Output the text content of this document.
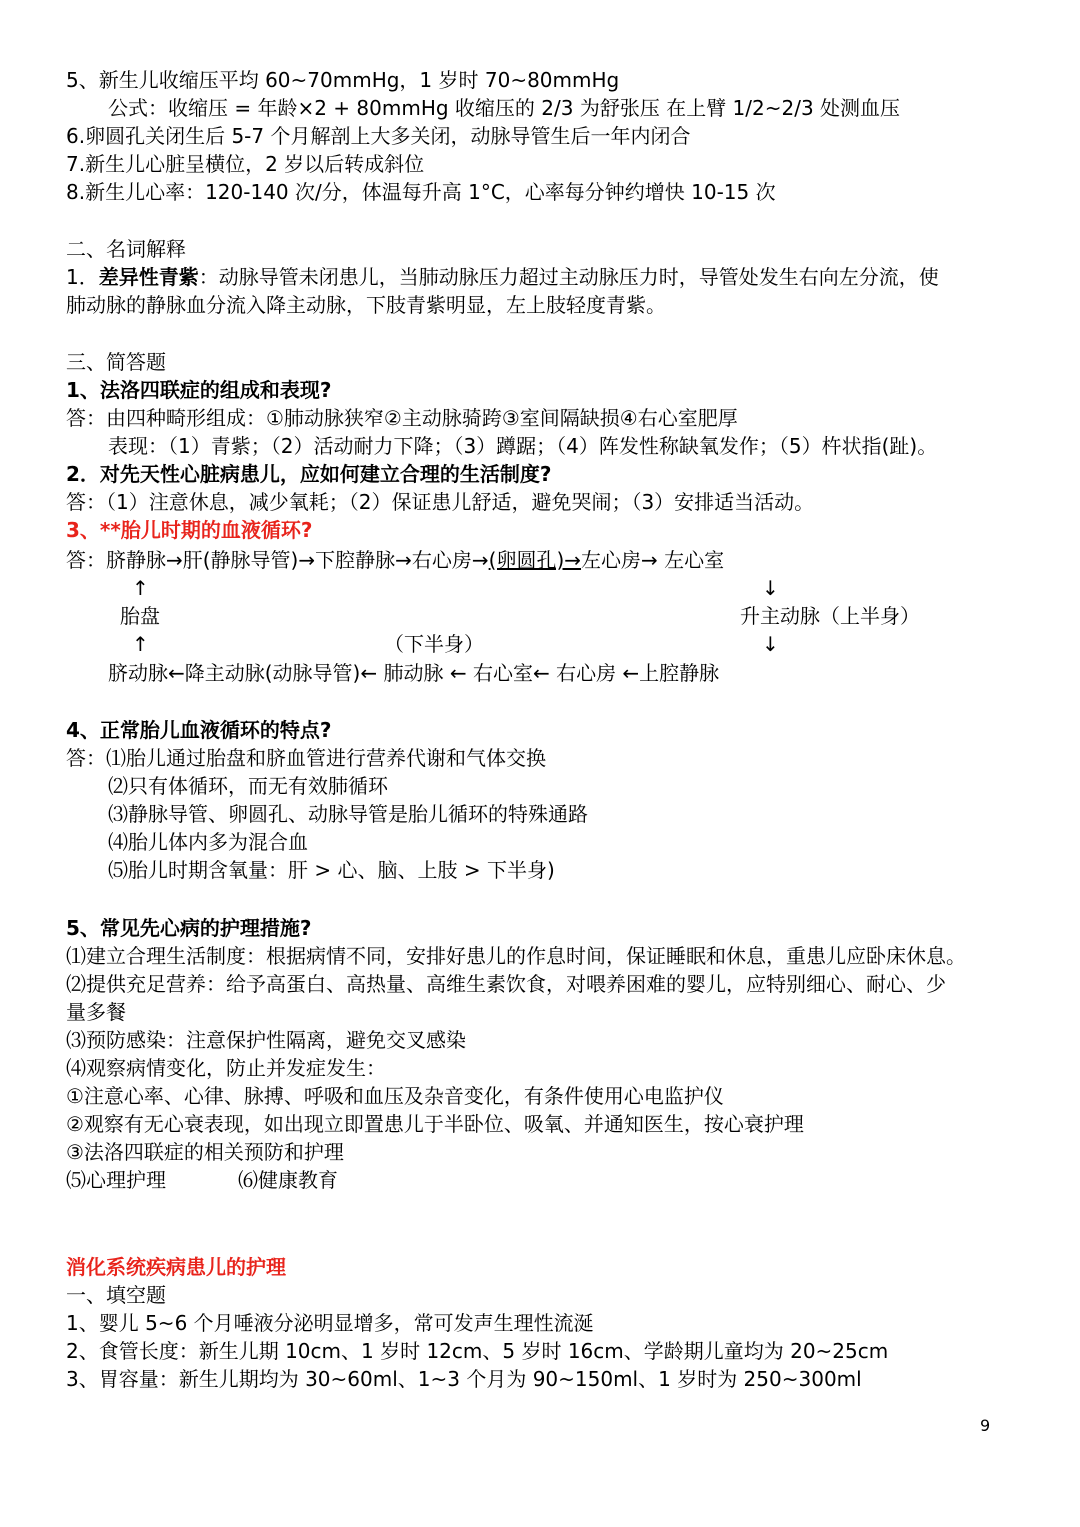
5、新生儿收缩压平均 60~70mmHg，1 岁时 70~80mmHg
公式：收缩压 = 年龄×2 + 80mmHg 收缩压的 2/3 为舒张压 在上臂 1/2~2/3 处测血压
6.卵圆孔关闭生后 5-7 个月解剖上大多关闭，动脉导管生后一年内闭合
7.新生儿心脏呈横位，2 岁以后转成斜位
8.新生儿心率：120-140 次/分，体温每升高 1°C，心率每分钟约增快 10-15 次
二、名词解释
1．差异性青紫：动脉导管未闭患儿，当肺动脉压力超过主动脉压力时，导管处发生右向左分流，使
肺动脉的静脉血分流入降主动脉，下肢青紫明显，左上肢轻度青紫。
三、简答题
1、法洛四联症的组成和表现?
答：由四种畸形组成：①肺动脉狭窄②主动脉骑跨③室间隔缺损④右心室肥厚
表现：（1）青紫；（2）活动耐力下降；（3）蹲踞；（4）阵发性称缺氧发作；（5）杵状指(趾)。
2．对先天性心脏病患儿，应如何建立合理的生活制度?
答：（1）注意休息，减少氧耗；（2）保证患儿舒适，避免哭闹；（3）安排适当活动。
3、**胎儿时期的血液循环?
答：脐静脉→肝(静脉导管)→下腔静脉→右心房→(卵圆孔)→左心房→ 左心室
↑	↓
胎盘	升主动脉（上半身）
↑	（下半身）	↓
脐动脉←降主动脉(动脉导管)← 肺动脉 ← 右心室← 右心房 ←上腔静脉
4、正常胎儿血液循环的特点?
答：⑴胎儿通过胎盘和脐血管进行营养代谢和气体交换
⑵只有体循环，而无有效肺循环
⑶静脉导管、卵圆孔、动脉导管是胎儿循环的特殊通路
⑷胎儿体内多为混合血
⑸胎儿时期含氧量：肝 > 心、脑、上肢 > 下半身)
5、常见先心病的护理措施?
⑴建立合理生活制度：根据病情不同，安排好患儿的作息时间，保证睡眠和休息，重患儿应卧床休息。
⑵提供充足营养：给予高蛋白、高热量、高维生素饮食，对喂养困难的婴儿，应特别细心、耐心、少
量多餐
⑶预防感染：注意保护性隔离，避免交叉感染
⑷观察病情变化，防止并发症发生：
①注意心率、心律、脉搏、呼吸和血压及杂音变化，有条件使用心电监护仪
②观察有无心衰表现，如出现立即置患儿于半卧位、吸氧、并通知医生，按心衰护理
③法洛四联症的相关预防和护理
⑸心理护理	⑹健康教育
消化系统疾病患儿的护理
一、填空题
1、婴儿 5~6 个月唾液分泌明显增多，常可发声生理性流涎
2、食管长度：新生儿期 10cm、1 岁时 12cm、5 岁时 16cm、学龄期儿童均为 20~25cm
3、胃容量：新生儿期均为 30~60ml、1~3 个月为 90~150ml、1 岁时为 250~300ml
9
